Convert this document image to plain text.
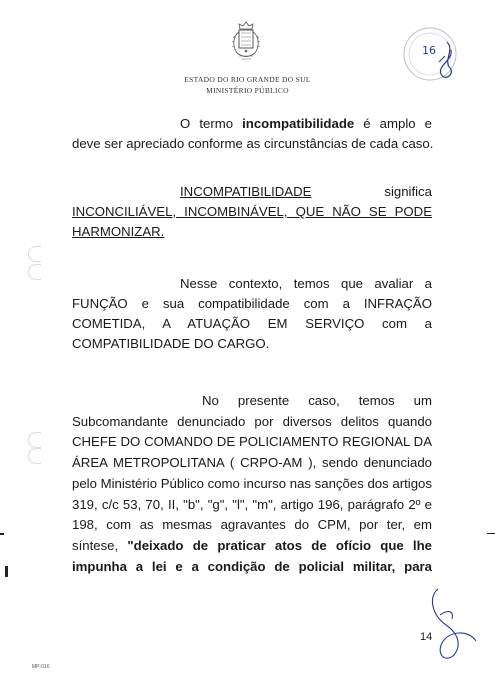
ESTADO DO RIO GRANDE DO SUL
MINISTÉRIO PÚBLICO
16
O termo incompatibilidade é amplo e
deve ser apreciado conforme as circunstâncias de cada caso.
INCOMPATIBILIDADE	significa
INCONCILIÁVEL, INCOMBINÁVEL, QUE NÃO SE PODE
HARMONIZAR.
Nesse contexto, temos que avaliar a
FUNÇÃO e sua compatibilidade com a INFRAÇÃO
COMETIDA, A ATUAÇÃO EM SERVIÇO com a
COMPATIBILIDADE DO CARGO.
No presente caso, temos um
Subcomandante denunciado por diversos delitos quando
CHEFE DO COMANDO DE POLICIAMENTO REGIONAL DA
ÁREA METROPOLITANA ( CRPO-AM ), sendo denunciado
pelo Ministério Público como incurso nas sanções dos artigos
319, c/c 53, 70, II, "b", "g", "l", "m", artigo 196, parágrafo 2º e
198, com as mesmas agravantes do CPM, por ter, em
síntese, "deixado de praticar atos de ofício que lhe
impunha a lei e a condição de policial militar, para
14
MP-016
